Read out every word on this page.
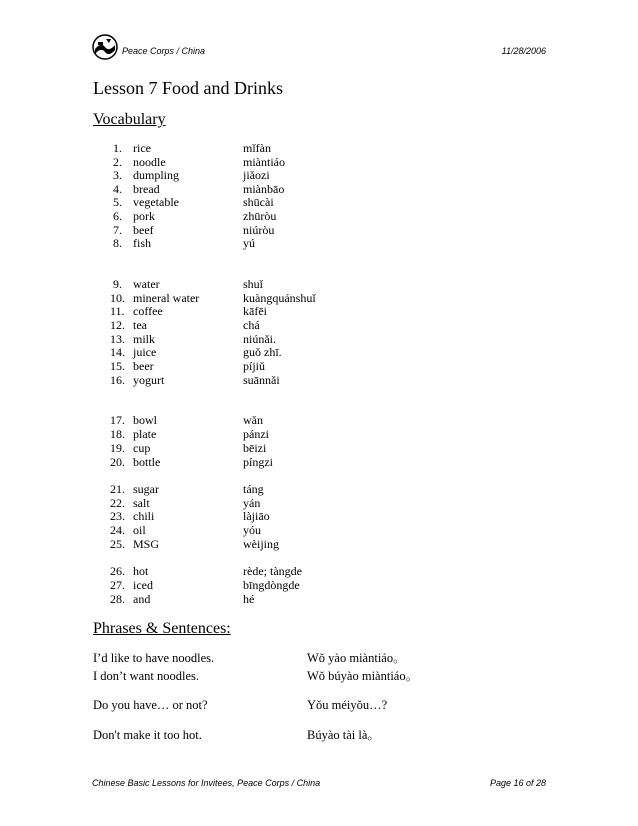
Peace Corps / China	11/28/2006
Lesson 7 Food and Drinks
Vocabulary
1. rice	mǐfàn
2. noodle	miàntiáo
3. dumpling	jiǎozi
4. bread	miànbāo
5. vegetable	shūcài
6. pork	zhūròu
7. beef	niúròu
8. fish	yú
9. water	shuǐ
10. mineral water	kuàngquánshuǐ
11. coffee	kāfēi
12. tea	chá
13. milk	niúnǎi.
14. juice	guǒ zhī.
15. beer	píjiǔ
16. yogurt	suānnǎi
17. bowl	wǎn
18. plate	pánzi
19. cup	bēizi
20. bottle	píngzi
21. sugar	táng
22. salt	yán
23. chili	làjiāo
24. oil	yóu
25. MSG	wèijing
26. hot	rède; tàngde
27. iced	bīngdòngde
28. and	hé
Phrases & Sentences:
I’d like to have noodles.	Wǒ yào miàntiáo。
I don’t want noodles.	Wǒ búyào miàntiáo。
Do you have… or not?	Yǒu méiyǒu…?
Don't make it too hot.	Búyào tài là。
Chinese Basic Lessons for Invitees, Peace Corps / China	Page 16 of 28
